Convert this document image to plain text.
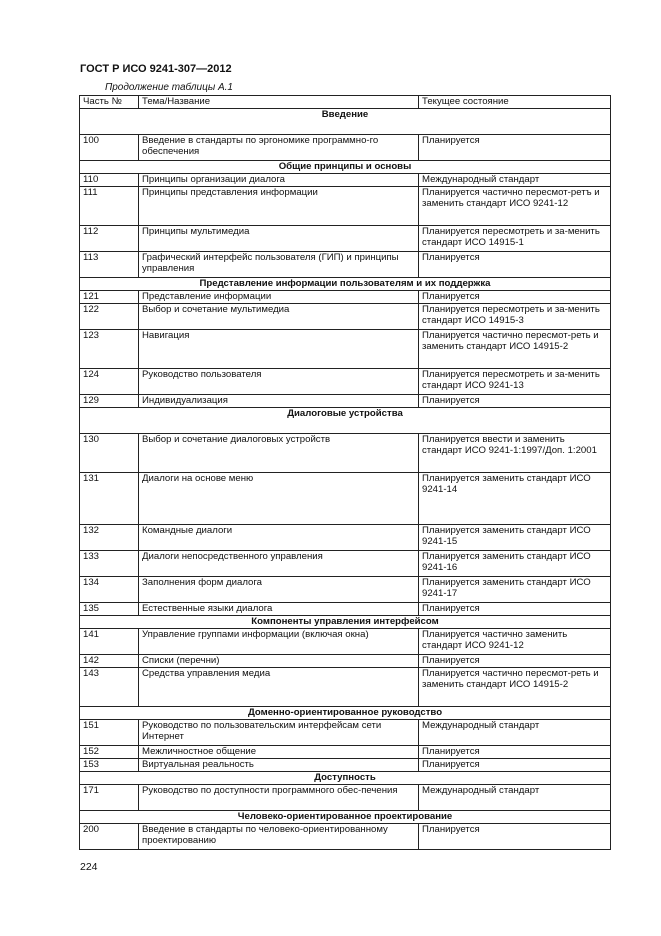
ГОСТ Р ИСО 9241-307—2012
Продолжение таблицы А.1
Часть №	Тема/Название	Текущее состояние
Введение		
100	Введение в стандарты по эргономике программно-го обеспечения	Планируется
Общие принципы и основы		
110	Принципы организации диалога	Международный стандарт
111	Принципы представления информации	Планируется частично пересмот-ретъ и заменить стандарт ИСО 9241-12
112	Принципы мультимедиа	Планируется пересмотреть и за-менить стандарт ИСО 14915-1
113	Графический интерфейс пользователя (ГИП) и принципы управления	Планируется
Представление информации пользователям и их поддержка		
121	Представление информации	Планируется
122	Выбор и сочетание мультимедиа	Планируется пересмотреть и за-менить стандарт ИСО 14915-3
123	Навигация	Планируется частично пересмот-реть и заменить стандарт ИСО 14915-2
124	Руководство пользователя	Планируется пересмотреть и за-менить стандарт ИСО 9241-13
129	Индивидуализация	Планируется
Диалоговые устройства		
130	Выбор и сочетание диалоговых устройств	Планируется ввести и заменить стандарт ИСО 9241-1:1997/Доп. 1:2001
131	Диалоги на основе меню	Планируется заменить стандарт ИСО 9241-14
132	Командные диалоги	Планируется заменить стандарт ИСО 9241-15
133	Диалоги непосредственного управления	Планируется заменить стандарт ИСО 9241-16
134	Заполнения форм диалога	Планируется заменить стандарт ИСО 9241-17
135	Естественные языки диалога	Планируется
Компоненты управления интерфейсом		
141	Управление группами информации (включая окна)	Планируется частично заменить стандарт ИСО 9241-12
142	Списки (перечни)	Планируется
143	Средства управления медиа	Планируется частично пересмот-реть и заменить стандарт ИСО 14915-2
Доменно-ориентированное руководство		
151	Руководство по пользовательским интерфейсам сети Интернет	Международный стандарт
152	Межличностное общение	Планируется
153	Виртуальная реальность	Планируется
Доступность		
171	Руководство по доступности программного обес-печения	Международный стандарт
Человеко-ориентированное проектирование		
200	Введение в стандарты по человеко-ориентированному проектированию	Планируется
224
